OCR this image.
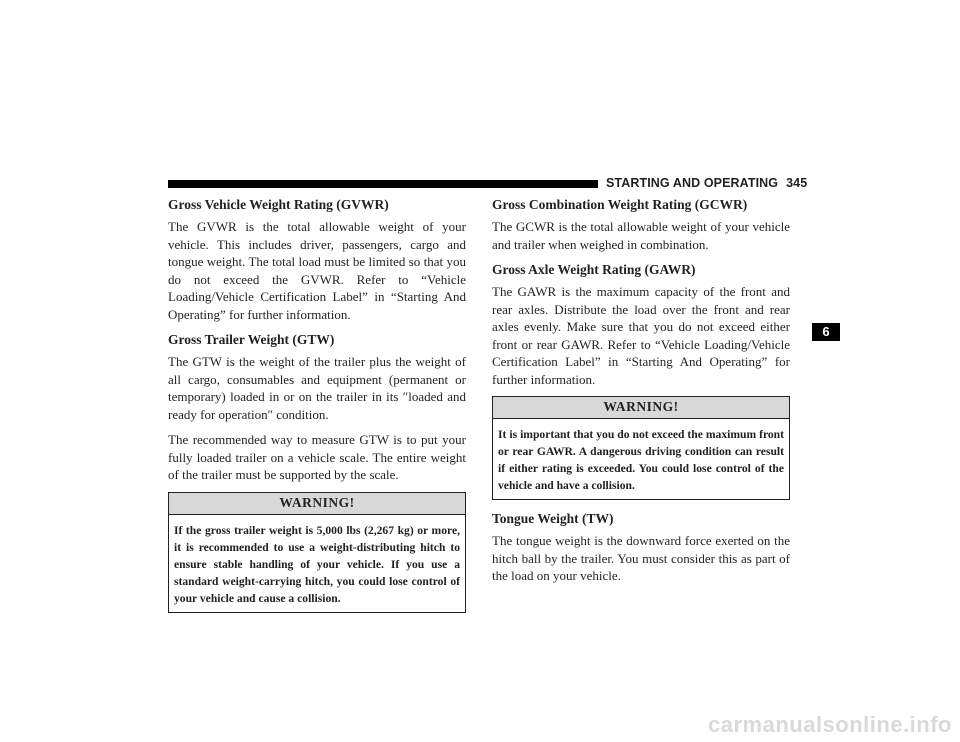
STARTING AND OPERATING 345
6
Gross Vehicle Weight Rating (GVWR)

The GVWR is the total allowable weight of your vehicle. This includes driver, passengers, cargo and tongue weight. The total load must be limited so that you do not exceed the GVWR. Refer to “Vehicle Loading/Vehicle Certification Label” in “Starting And Operating” for further information.

Gross Trailer Weight (GTW)

The GTW is the weight of the trailer plus the weight of all cargo, consumables and equipment (permanent or temporary) loaded in or on the trailer in its ″loaded and ready for operation″ condition.

The recommended way to measure GTW is to put your fully loaded trailer on a vehicle scale. The entire weight of the trailer must be supported by the scale.

WARNING!
If the gross trailer weight is 5,000 lbs (2,267 kg) or more, it is recommended to use a weight-distributing hitch to ensure stable handling of your vehicle. If you use a standard weight-carrying hitch, you could lose control of your vehicle and cause a collision.
Gross Combination Weight Rating (GCWR)

The GCWR is the total allowable weight of your vehicle and trailer when weighed in combination.

Gross Axle Weight Rating (GAWR)

The GAWR is the maximum capacity of the front and rear axles. Distribute the load over the front and rear axles evenly. Make sure that you do not exceed either front or rear GAWR. Refer to “Vehicle Loading/Vehicle Certification Label” in “Starting And Operating” for further information.

WARNING!
It is important that you do not exceed the maximum front or rear GAWR. A dangerous driving condition can result if either rating is exceeded. You could lose control of the vehicle and have a collision.
Tongue Weight (TW)

The tongue weight is the downward force exerted on the hitch ball by the trailer. You must consider this as part of the load on your vehicle.

carmanualsonline.info
